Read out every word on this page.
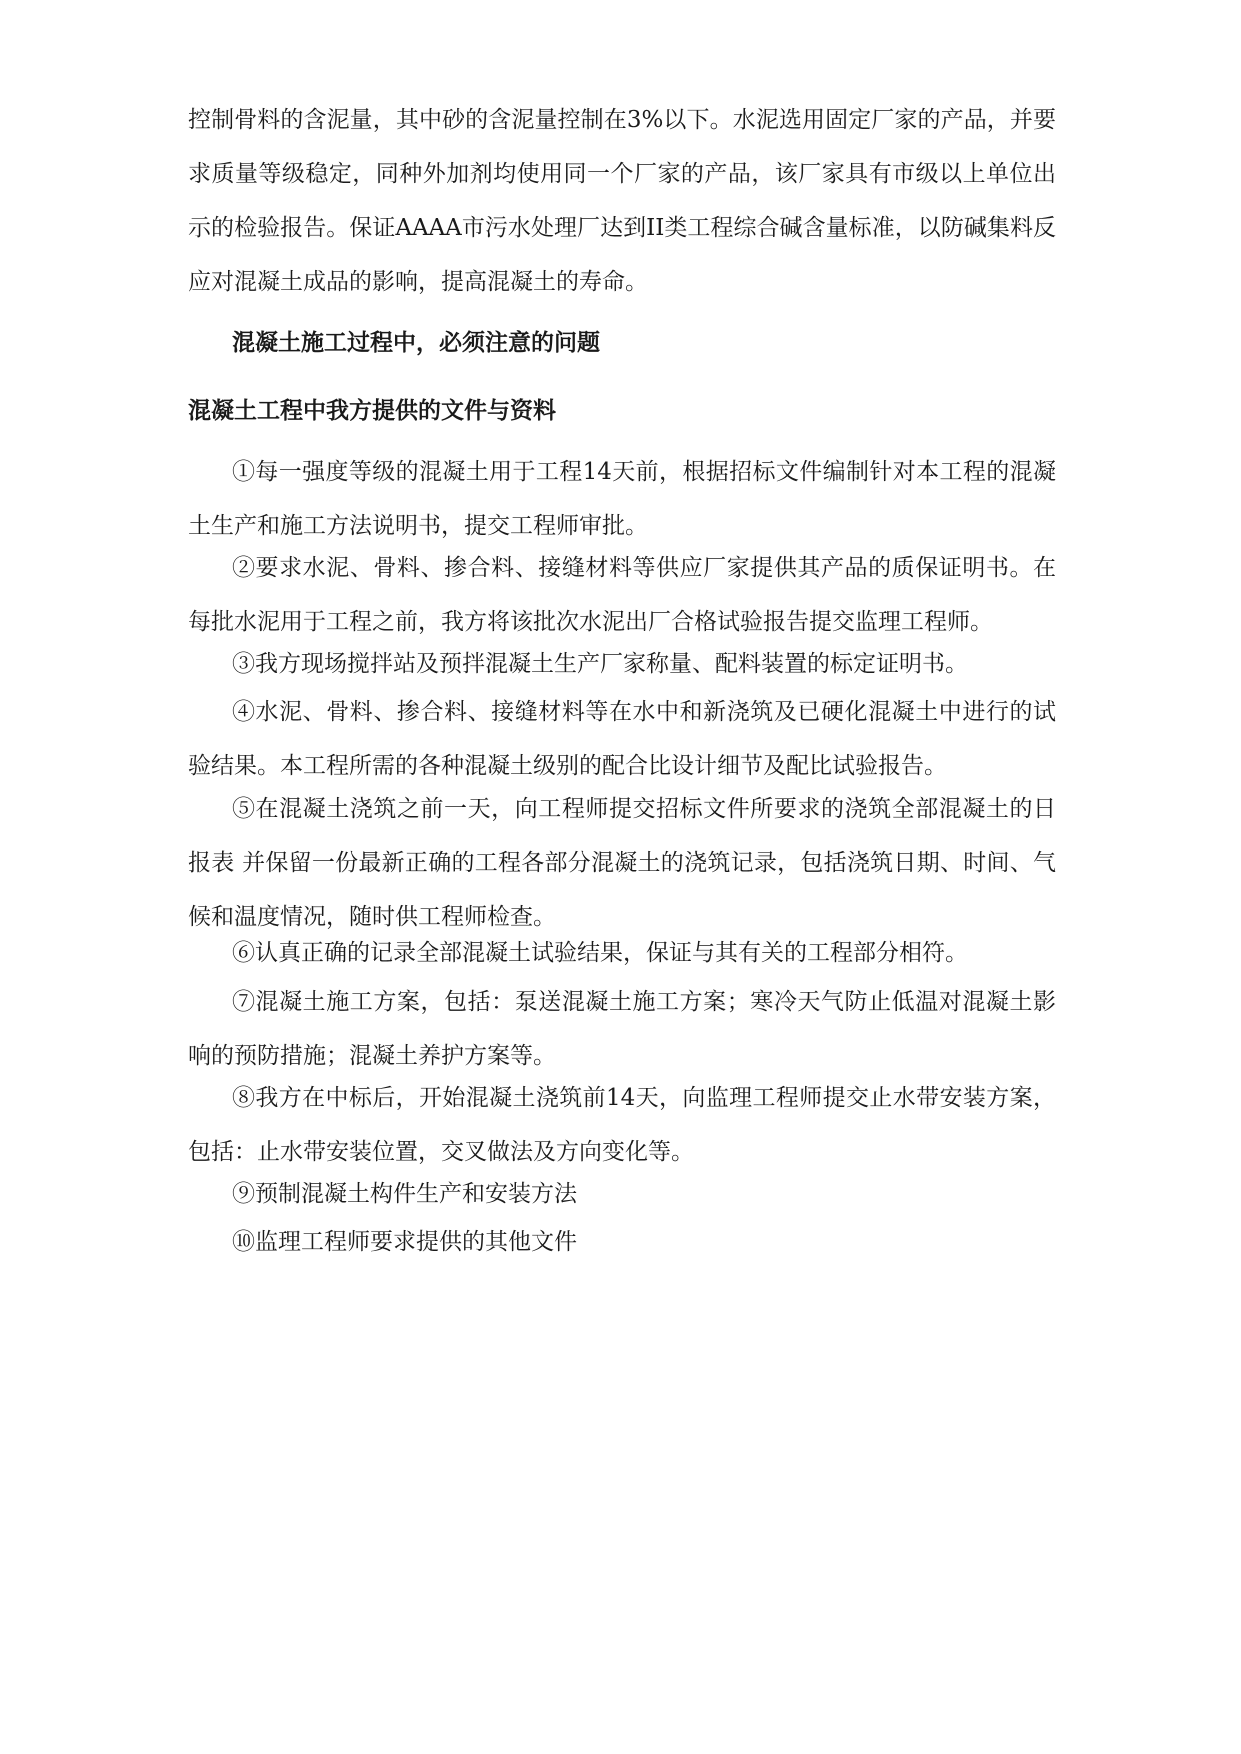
控制骨料的含泥量，其中砂的含泥量控制在3%以下。水泥选用固定厂家的产品，并要求质量等级稳定，同种外加剂均使用同一个厂家的产品，该厂家具有市级以上单位出示的检验报告。保证AAAA市污水处理厂达到II类工程综合碱含量标准，以防碱集料反应对混凝土成品的影响，提高混凝土的寿命。

混凝土施工过程中，必须注意的问题

混凝土工程中我方提供的文件与资料

①每一强度等级的混凝土用于工程14天前，根据招标文件编制针对本工程的混凝土生产和施工方法说明书，提交工程师审批。

②要求水泥、骨料、掺合料、接缝材料等供应厂家提供其产品的质保证明书。在每批水泥用于工程之前，我方将该批次水泥出厂合格试验报告提交监理工程师。

③我方现场搅拌站及预拌混凝土生产厂家称量、配料装置的标定证明书。

④水泥、骨料、掺合料、接缝材料等在水中和新浇筑及已硬化混凝土中进行的试验结果。本工程所需的各种混凝土级别的配合比设计细节及配比试验报告。

⑤在混凝土浇筑之前一天，向工程师提交招标文件所要求的浇筑全部混凝土的日报表 并保留一份最新正确的工程各部分混凝土的浇筑记录，包括浇筑日期、时间、气候和温度情况，随时供工程师检查。

⑥认真正确的记录全部混凝土试验结果，保证与其有关的工程部分相符。

⑦混凝土施工方案，包括：泵送混凝土施工方案；寒冷天气防止低温对混凝土影响的预防措施；混凝土养护方案等。

⑧我方在中标后，开始混凝土浇筑前14天，向监理工程师提交止水带安装方案，包括：止水带安装位置，交叉做法及方向变化等。

⑨预制混凝土构件生产和安装方法

⑩监理工程师要求提供的其他文件
